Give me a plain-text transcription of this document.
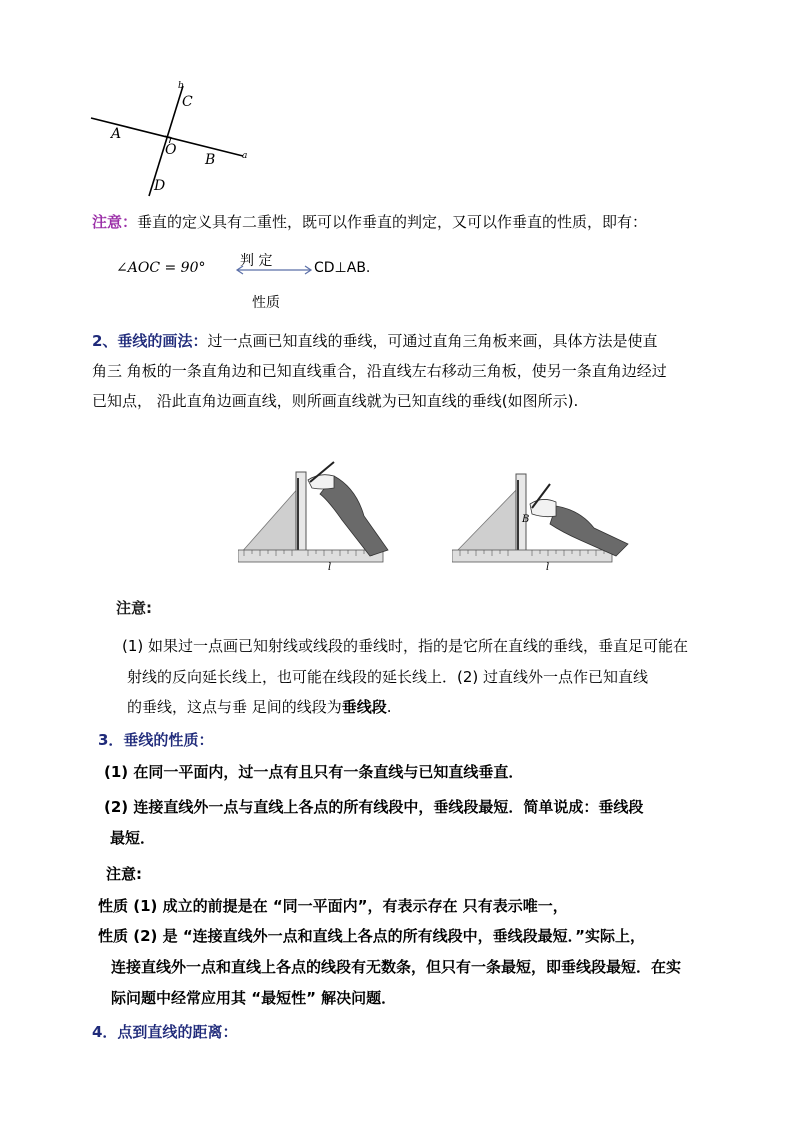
b
C
A
O
B	a
D
注意：垂直的定义具有二重性，既可以作垂直的判定，又可以作垂直的性质，即有：
∠AOC = 90° 判 定	CD⊥AB.
性质
2、垂线的画法：过一点画已知直线的垂线，可通过直角三角板来画，具体方法是使直
角三 角板的一条直角边和已知直线重合，沿直线左右移动三角板，使另一条直角边经过
已知点， 沿此直角边画直线，则所画直线就为已知直线的垂线(如图所示).
l
B
l
注意:
(1) 如果过一点画已知射线或线段的垂线时，指的是它所在直线的垂线，垂直足可能在
射线的反向延长线上，也可能在线段的延长线上．(2) 过直线外一点作已知直线
的垂线，这点与垂 足间的线段为垂线段.
3．垂线的性质：
(1) 在同一平面内，过一点有且只有一条直线与已知直线垂直．
(2) 连接直线外一点与直线上各点的所有线段中，垂线段最短．简单说成：垂线段
最短．
注意:
性质 (1) 成立的前提是在 “同一平面内”，有表示存在 只有表示唯一，
性质 (2) 是 “连接直线外一点和直线上各点的所有线段中，垂线段最短．”实际上，
连接直线外一点和直线上各点的线段有无数条，但只有一条最短，即垂线段最短．在实
际问题中经常应用其 “最短性” 解决问题．
4．点到直线的距离：
